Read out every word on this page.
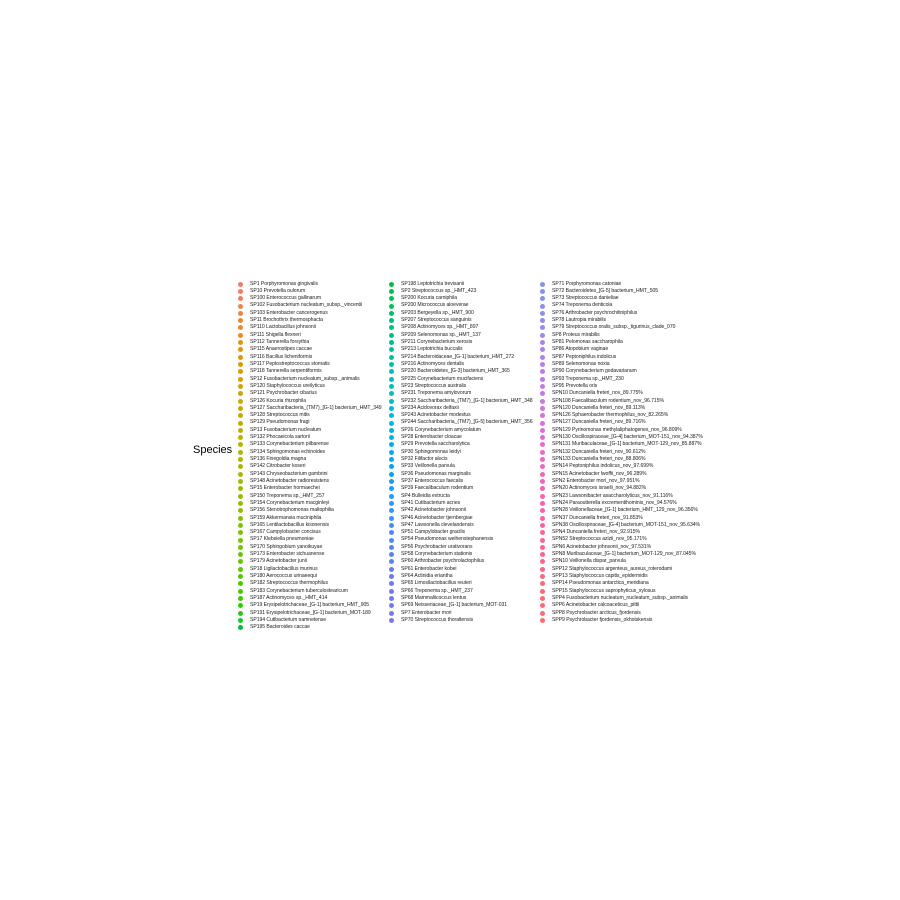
Species
SP1 Porphyromonas gingivalis
SP10 Prevotella oulorum
SP100 Enterococcus gallinarum
SP102 Fusobacterium nucleatum_subsp._vincentii
SP103 Enterobacter cancerogenus
SP11 Brochothrix thermosphacta
SP110 Lactobacillus johnsonii
SP111 Shigella flexneri
SP112 Tannerella forsythia
SP115 Anaerostipes caccae
SP116 Bacillus licheniformis
SP117 Peptostreptococcus stomatis
SP118 Tannerella serpentiformis
SP12 Fusobacterium nucleatum_subsp._animalis
SP120 Staphylococcus ureilyticus
SP121 Psychrobacter cibarius
SP126 Kocuria rhizophila
SP127 Saccharibacteria_(TM7)_[G-1] bacterium_HMT_349
SP128 Streptococcus mitis
SP129 Pseudomonas fragi
SP13 Fusobacterium nucleatum
SP132 Phocaeicola sartorii
SP133 Corynebacterium pilbarense
SP134 Sphingomonas echinoides
SP136 Finegoldia magna
SP142 Citrobacter koseri
SP143 Chryseobacterium gambrini
SP148 Acinetobacter radioresistens
SP15 Enterobacter hormaechei
SP150 Treponema sp._HMT_257
SP154 Corynebacterium macginleyi
SP156 Stenotrophomonas maltophilia
SP159 Akkermansia muciniphila
SP165 Lentilactobacillus kisonensis
SP167 Campylobacter concisus
SP17 Klebsiella pneumoniae
SP170 Sphingobium yanoikuyae
SP173 Enterobacter sichuanense
SP179 Acinetobacter junii
SP18 Ligilactobacillus murinus
SP180 Aerococcus urinaeequi
SP182 Streptococcus thermophilus
SP183 Corynebacterium tuberculostearicum
SP187 Actinomyces sp._HMT_414
SP19 Erysipelotrichaceae_[G-1] bacterium_HMT_905
SP191 Erysipelotrichaceae_[G-1] bacterium_MOT-189
SP194 Cutibacterium namnetense
SP195 Bacteroides caccae
SP198 Leptotrichia trevisanii
SP2 Streptococcus sp._HMT_423
SP200 Kocuria carniphila
SP200 Micrococcus aloeverae
SP203 Bergeyella sp._HMT_900
SP207 Streptococcus sanguinis
SP208 Actinomyces sp._HMT_897
SP209 Selenomonas sp._HMT_137
SP211 Corynebacterium xerosis
SP213 Leptotrichia buccalis
SP214 Bacteroidaceae_[G-1] bacterium_HMT_272
SP216 Actinomyces dentalis
SP220 Bacteroidetes_[G-3] bacterium_HMT_365
SP225 Corynebacterium mucifaciens
SP23 Streptococcus australis
SP231 Treponema amylovorum
SP232 Saccharibacteria_(TM7)_[G-1] bacterium_HMT_348
SP234 Acidovorax delfaxii
SP243 Acinetobacter modestus
SP244 Saccharibacteria_(TM7)_[G-5] bacterium_HMT_356
SP26 Corynebacterium amycolatum
SP28 Enterobacter cloacae
SP29 Prevotella saccharolytica
SP30 Sphingomonas leidyi
SP32 Filifactor alocis
SP33 Veillonella parvula
SP36 Pseudomonas marginalis
SP37 Enterococcus faecalis
SP39 Faecalibaculum rodentium
SP4 Bulleidia extructa
SP41 Cutibacterium acnes
SP42 Acinetobacter johnsonii
SP46 Acinetobacter tjernbergiae
SP47 Lawsonella clevelandensis
SP51 Campylobacter gracilis
SP54 Pseudomonas weihenstephanensis
SP56 Psychrobacter urativorans
SP58 Corynebacterium stationis
SP60 Arthrobacter psychrolactophilus
SP61 Enterobacter kobei
SP64 Actinidia eriantha
SP65 Limosilactobacillus reuteri
SP66 Treponema sp._HMT_237
SP68 Mammaliicoccus lentus
SP69 Neisseriaceae_[G-1] bacterium_MOT-031
SP7 Enterobacter mori
SP70 Streptococcus thoraltensis
SP71 Porphyromonas catoniae
SP72 Bacteroidetes_[G-5] bacterium_HMT_505
SP73 Streptococcus danieliae
SP74 Treponema denticola
SP76 Arthrobacter psychrochitiniphilus
SP78 Lautropia mirabilis
SP79 Streptococcus oralis_subsp._tigurinus_clade_070
SP8 Proteus mirabilis
SP81 Pelomonas saccharophila
SP86 Atopobium vaginae
SP87 Peptoniphilus indolicus
SP89 Selenomonas noxia
SP90 Corynebacterium godavarianum
SP93 Treponema sp._HMT_230
SP95 Prevotella oris
SPN10 Duncaniella freteri_nov_89.775%
SPN108 Faecalibaculum rodentium_nov_96.715%
SPN120 Duncaniella freteri_nov_89.113%
SPN126 Sphaerobacter thermophilus_nov_82.265%
SPN127 Duncaniella freteri_nov_89.716%
SPN129 Pyrinomonas methylaliphatogenes_nov_96.809%
SPN130 Oscillospiraceae_[G-4] bacterium_MOT-151_nov_94.387%
SPN131 Muribaculaceae_[G-1] bacterium_MOT-129_nov_85.887%
SPN132 Duncaniella freteri_nov_90.612%
SPN133 Duncaniella freteri_nov_88.806%
SPN14 Peptoniphilus indolicus_nov_97.699%
SPN15 Acinetobacter lwoffii_nov_96.289%
SPN2 Enterobacter mori_nov_97.951%
SPN20 Actinomyces israelii_nov_94.882%
SPN23 Lawsonibacter asaccharolyticus_nov_91.116%
SPN24 Paraoutterella excrementihominis_nov_94.576%
SPN28 Veillonellaceae_[G-1] bacterium_HMT_129_nov_96.356%
SPN37 Duncaniella freteri_nov_91.853%
SPN38 Oscillospiraceae_[G-4] bacterium_MOT-151_nov_95.634%
SPN4 Duncaniella freteri_nov_92.915%
SPN52 Streptococcus azizii_nov_95.171%
SPN6 Acinetobacter johnsonii_nov_97.531%
SPN8 Muribaculaceae_[G-1] bacterium_MOT-129_nov_87.045%
SPN10 Veillonella dispar_parvula
SPP12 Staphylococcus argenteus_aureus_roterodami
SPP13 Staphylococcus capitis_epidermidis
SPP14 Pseudomonas antarctica_meridiana
SPP15 Staphylococcus saprophyticus_xylosus
SPP4 Fusobacterium nucleatum_nucleatum_subsp._animalis
SPP6 Acinetobacter calcoaceticus_pittii
SPP8 Psychrobacter arcticus_fjordensis
SPP9 Psychrobacter fjordensis_okhotskensis
